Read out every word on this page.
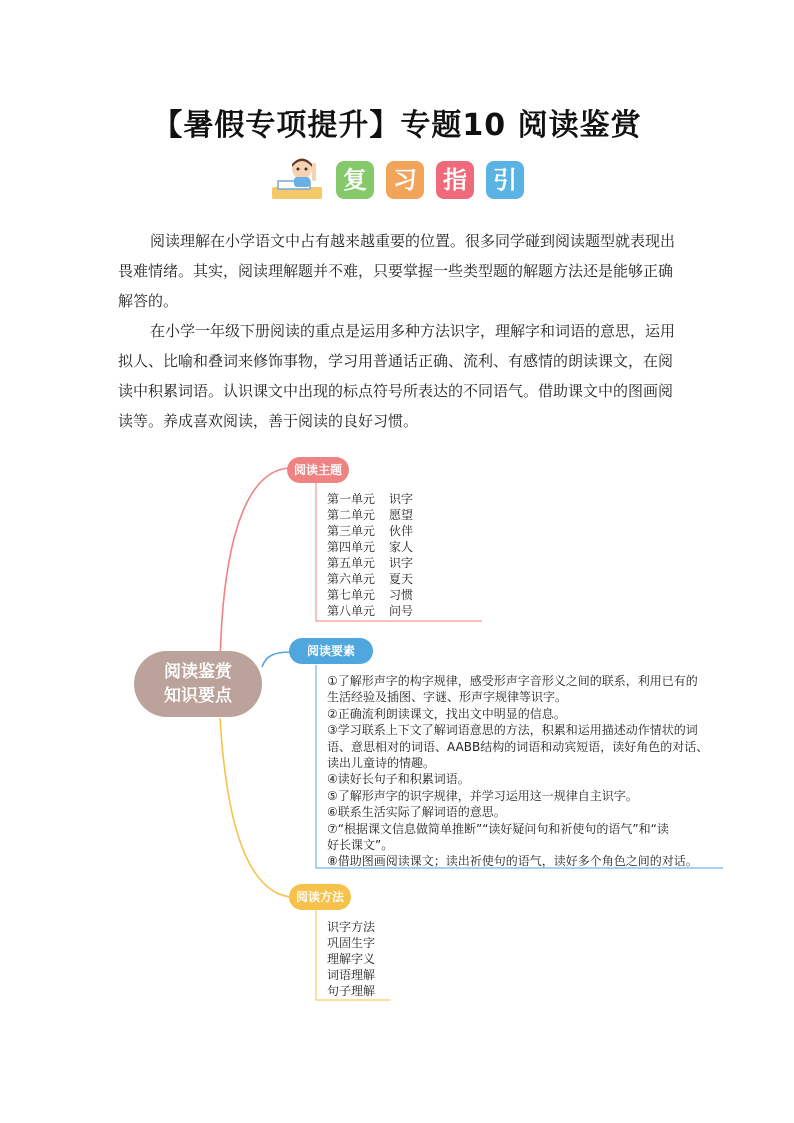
【暑假专项提升】专题10 阅读鉴赏
复 习 指 引
阅读理解在小学语文中占有越来越重要的位置。很多同学碰到阅读题型就表现出畏难情绪。其实，阅读理解题并不难，只要掌握一些类型题的解题方法还是能够正确解答的。
在小学一年级下册阅读的重点是运用多种方法识字，理解字和词语的意思，运用拟人、比喻和叠词来修饰事物，学习用普通话正确、流利、有感情的朗读课文，在阅读中积累词语。认识课文中出现的标点符号所表达的不同语气。借助课文中的图画阅读等。养成喜欢阅读，善于阅读的良好习惯。
阅读鉴赏
知识要点
阅读主题
第一单元 识字
第二单元 愿望
第三单元 伙伴
第四单元 家人
第五单元 识字
第六单元 夏天
第七单元 习惯
第八单元 问号
阅读要素
①了解形声字的构字规律，感受形声字音形义之间的联系，利用已有的
生活经验及插图、字谜、形声字规律等识字。
②正确流利朗读课文，找出文中明显的信息。
③学习联系上下文了解词语意思的方法，积累和运用描述动作情状的词
语、意思相对的词语、AABB结构的词语和动宾短语，读好角色的对话、
读出儿童诗的情趣。
④读好长句子和积累词语。
⑤了解形声字的识字规律，并学习运用这一规律自主识字。
⑥联系生活实际了解词语的意思。
⑦“根据课文信息做简单推断”“读好疑问句和祈使句的语气”和“读
好长课文”。
⑧借助图画阅读课文；读出祈使句的语气，读好多个角色之间的对话。
阅读方法
识字方法
巩固生字
理解字义
词语理解
句子理解
